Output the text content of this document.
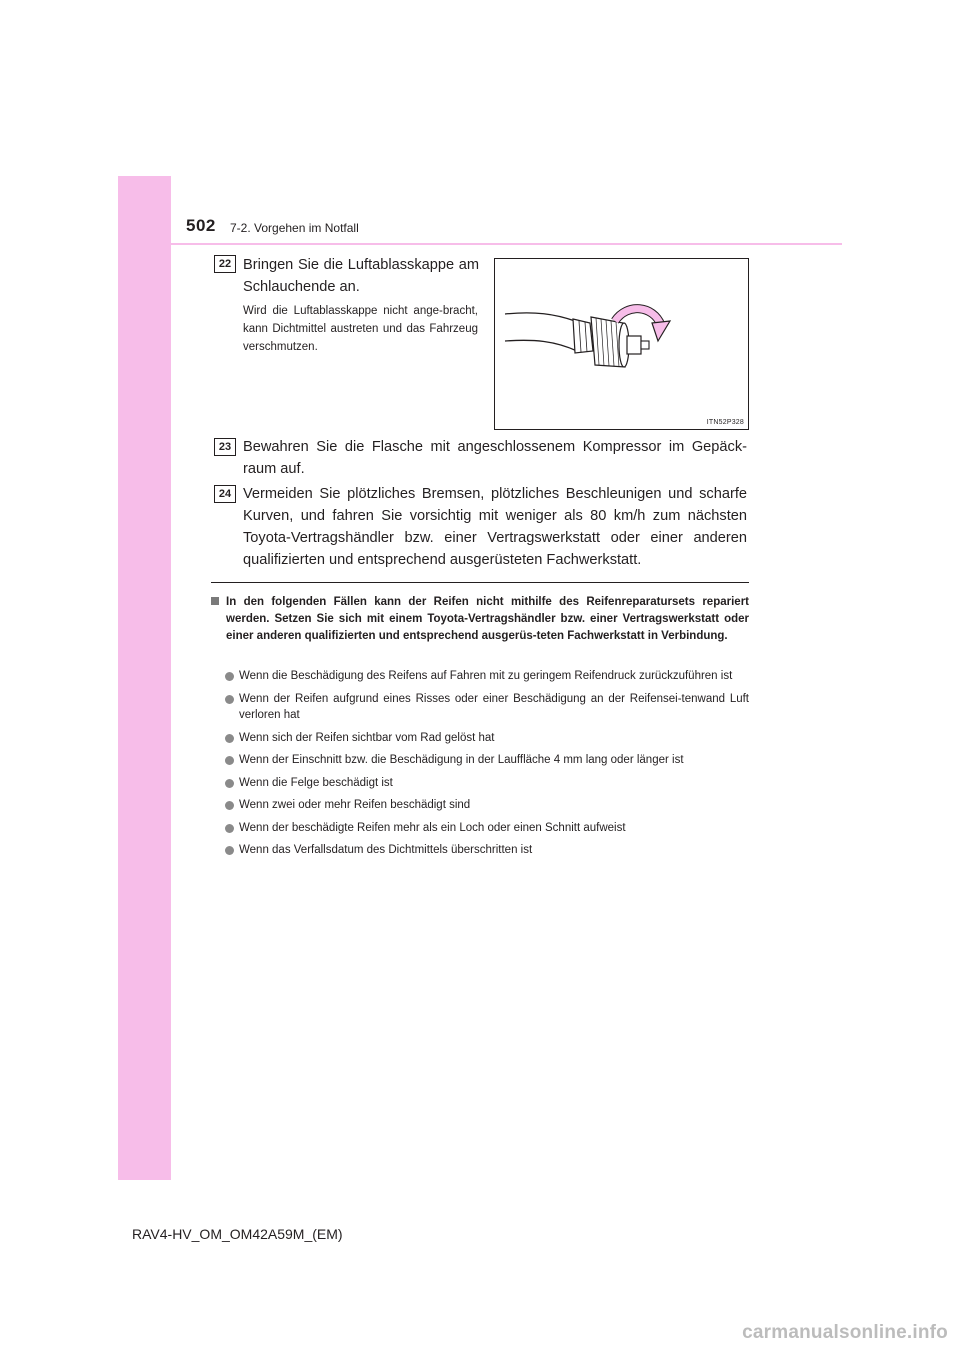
502 7-2. Vorgehen im Notfall
22 Bringen Sie die Luftablasskappe am Schlauchende an.
Wird die Luftablasskappe nicht ange-bracht, kann Dichtmittel austreten und das Fahrzeug verschmutzen.
ITN52P328
23 Bewahren Sie die Flasche mit angeschlossenem Kompressor im Gepäck-raum auf.
24 Vermeiden Sie plötzliches Bremsen, plötzliches Beschleunigen und scharfe Kurven, und fahren Sie vorsichtig mit weniger als 80 km/h zum nächsten Toyota-Vertragshändler bzw. einer Vertragswerkstatt oder einer anderen qualifizierten und entsprechend ausgerüsteten Fachwerkstatt.
In den folgenden Fällen kann der Reifen nicht mithilfe des Reifenreparatursets repariert werden. Setzen Sie sich mit einem Toyota-Vertragshändler bzw. einer Vertragswerkstatt oder einer anderen qualifizierten und entsprechend ausgerüs-teten Fachwerkstatt in Verbindung.
Wenn die Beschädigung des Reifens auf Fahren mit zu geringem Reifendruck zurückzuführen ist
Wenn der Reifen aufgrund eines Risses oder einer Beschädigung an der Reifensei-tenwand Luft verloren hat
Wenn sich der Reifen sichtbar vom Rad gelöst hat
Wenn der Einschnitt bzw. die Beschädigung in der Lauffläche 4 mm lang oder länger ist
Wenn die Felge beschädigt ist
Wenn zwei oder mehr Reifen beschädigt sind
Wenn der beschädigte Reifen mehr als ein Loch oder einen Schnitt aufweist
Wenn das Verfallsdatum des Dichtmittels überschritten ist
RAV4-HV_OM_OM42A59M_(EM)
carmanualsonline.info
